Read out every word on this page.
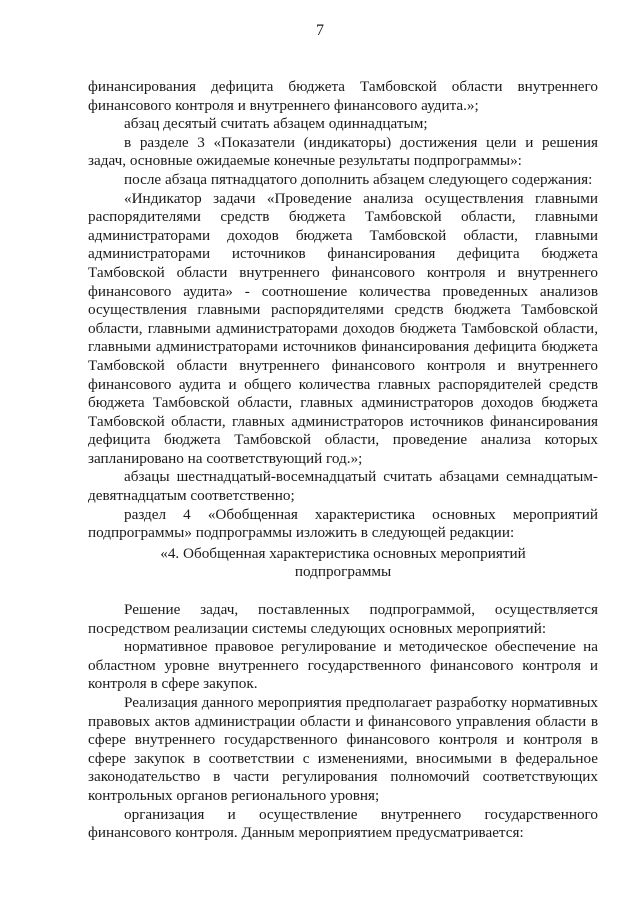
7

финансирования дефицита бюджета Тамбовской области внутреннего финансового контроля и внутреннего финансового аудита.»;

абзац десятый считать абзацем одиннадцатым;

в разделе 3 «Показатели (индикаторы) достижения цели и решения задач, основные ожидаемые конечные результаты подпрограммы»:

после абзаца пятнадцатого дополнить абзацем следующего содержания:

«Индикатор задачи «Проведение анализа осуществления главными распорядителями средств бюджета Тамбовской области, главными администраторами доходов бюджета Тамбовской области, главными администраторами источников финансирования дефицита бюджета Тамбовской области внутреннего финансового контроля и внутреннего финансового аудита» - соотношение количества проведенных анализов осуществления главными распорядителями средств бюджета Тамбовской области, главными администраторами доходов бюджета Тамбовской области, главными администраторами источников финансирования дефицита бюджета Тамбовской области внутреннего финансового контроля и внутреннего финансового аудита и общего количества главных распорядителей средств бюджета Тамбовской области, главных администраторов доходов бюджета Тамбовской области, главных администраторов источников финансирования дефицита бюджета Тамбовской области, проведение анализа которых запланировано на соответствующий год.»;

абзацы шестнадцатый-восемнадцатый считать абзацами семнадцатым-девятнадцатым соответственно;

раздел 4 «Обобщенная характеристика основных мероприятий подпрограммы» подпрограммы изложить в следующей редакции:

«4. Обобщенная характеристика основных мероприятий подпрограммы

Решение задач, поставленных подпрограммой, осуществляется посредством реализации системы следующих основных мероприятий:

нормативное правовое регулирование и методическое обеспечение на областном уровне внутреннего государственного финансового контроля и контроля в сфере закупок.

Реализация данного мероприятия предполагает разработку нормативных правовых актов администрации области и финансового управления области в сфере внутреннего государственного финансового контроля и контроля в сфере закупок в соответствии с изменениями, вносимыми в федеральное законодательство в части регулирования полномочий соответствующих контрольных органов регионального уровня;

организация и осуществление внутреннего государственного финансового контроля. Данным мероприятием предусматривается:
